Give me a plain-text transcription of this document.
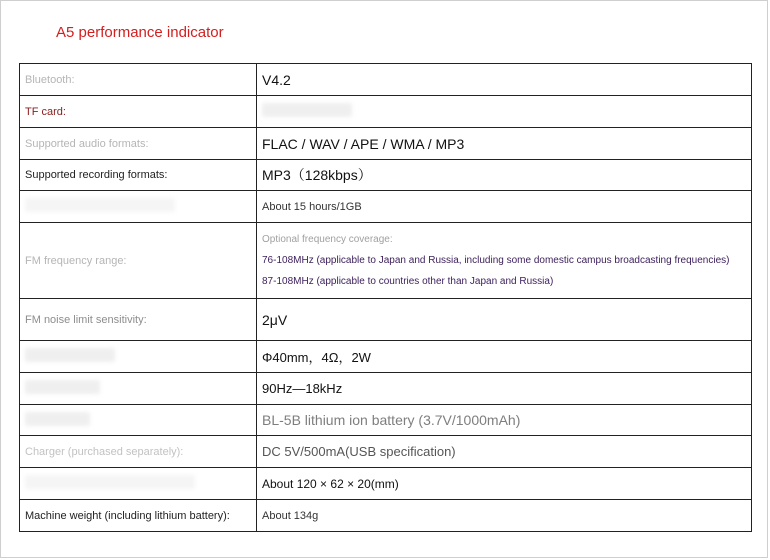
A5 performance indicator
Bluetooth:	V4.2
TF card:	
Supported audio formats:	FLAC / WAV / APE / WMA / MP3
Supported recording formats:	MP3（128kbps）
	About 15 hours/1GB
FM frequency range:	Optional frequency coverage:
76-108MHz (applicable to Japan and Russia, including some domestic campus broadcasting frequencies)
87-108MHz (applicable to countries other than Japan and Russia)

FM noise limit sensitivity:	2μV
	Φ40mm，4Ω，2W
	90Hz—18kHz
	BL-5B lithium ion battery (3.7V/1000mAh)
Charger (purchased separately):	DC 5V/500mA(USB specification)
	About 120 × 62 × 20(mm)
Machine weight (including lithium battery):	About 134g
